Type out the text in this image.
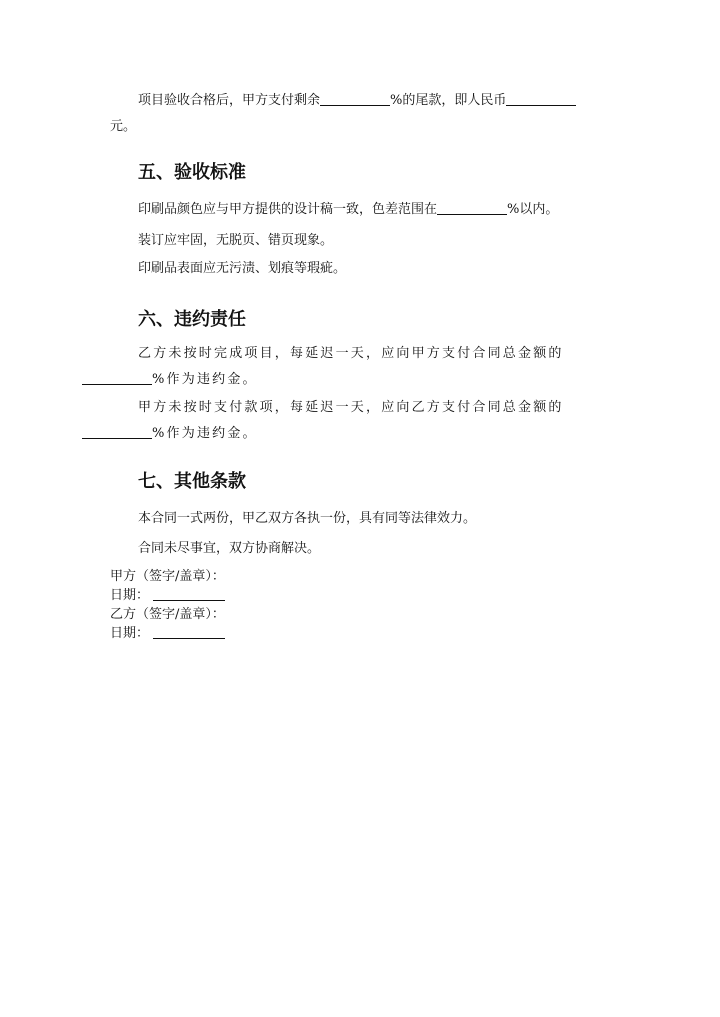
项目验收合格后，甲方支付剩余	%的尾款，即人民币
元。

五、验收标准

印刷品颜色应与甲方提供的设计稿一致，色差范围在	%以内。

装订应牢固，无脱页、错页现象。

印刷品表面应无污渍、划痕等瑕疵。

六、违约责任

乙方未按时完成项目，每延迟一天，应向甲方支付合同总金额的
%作为违约金。

甲方未按时支付款项，每延迟一天，应向乙方支付合同总金额的
%作为违约金。

七、其他条款

本合同一式两份，甲乙双方各执一份，具有同等法律效力。

合同未尽事宜，双方协商解决。

甲方（签字/盖章）：

日期：

乙方（签字/盖章）：

日期：
